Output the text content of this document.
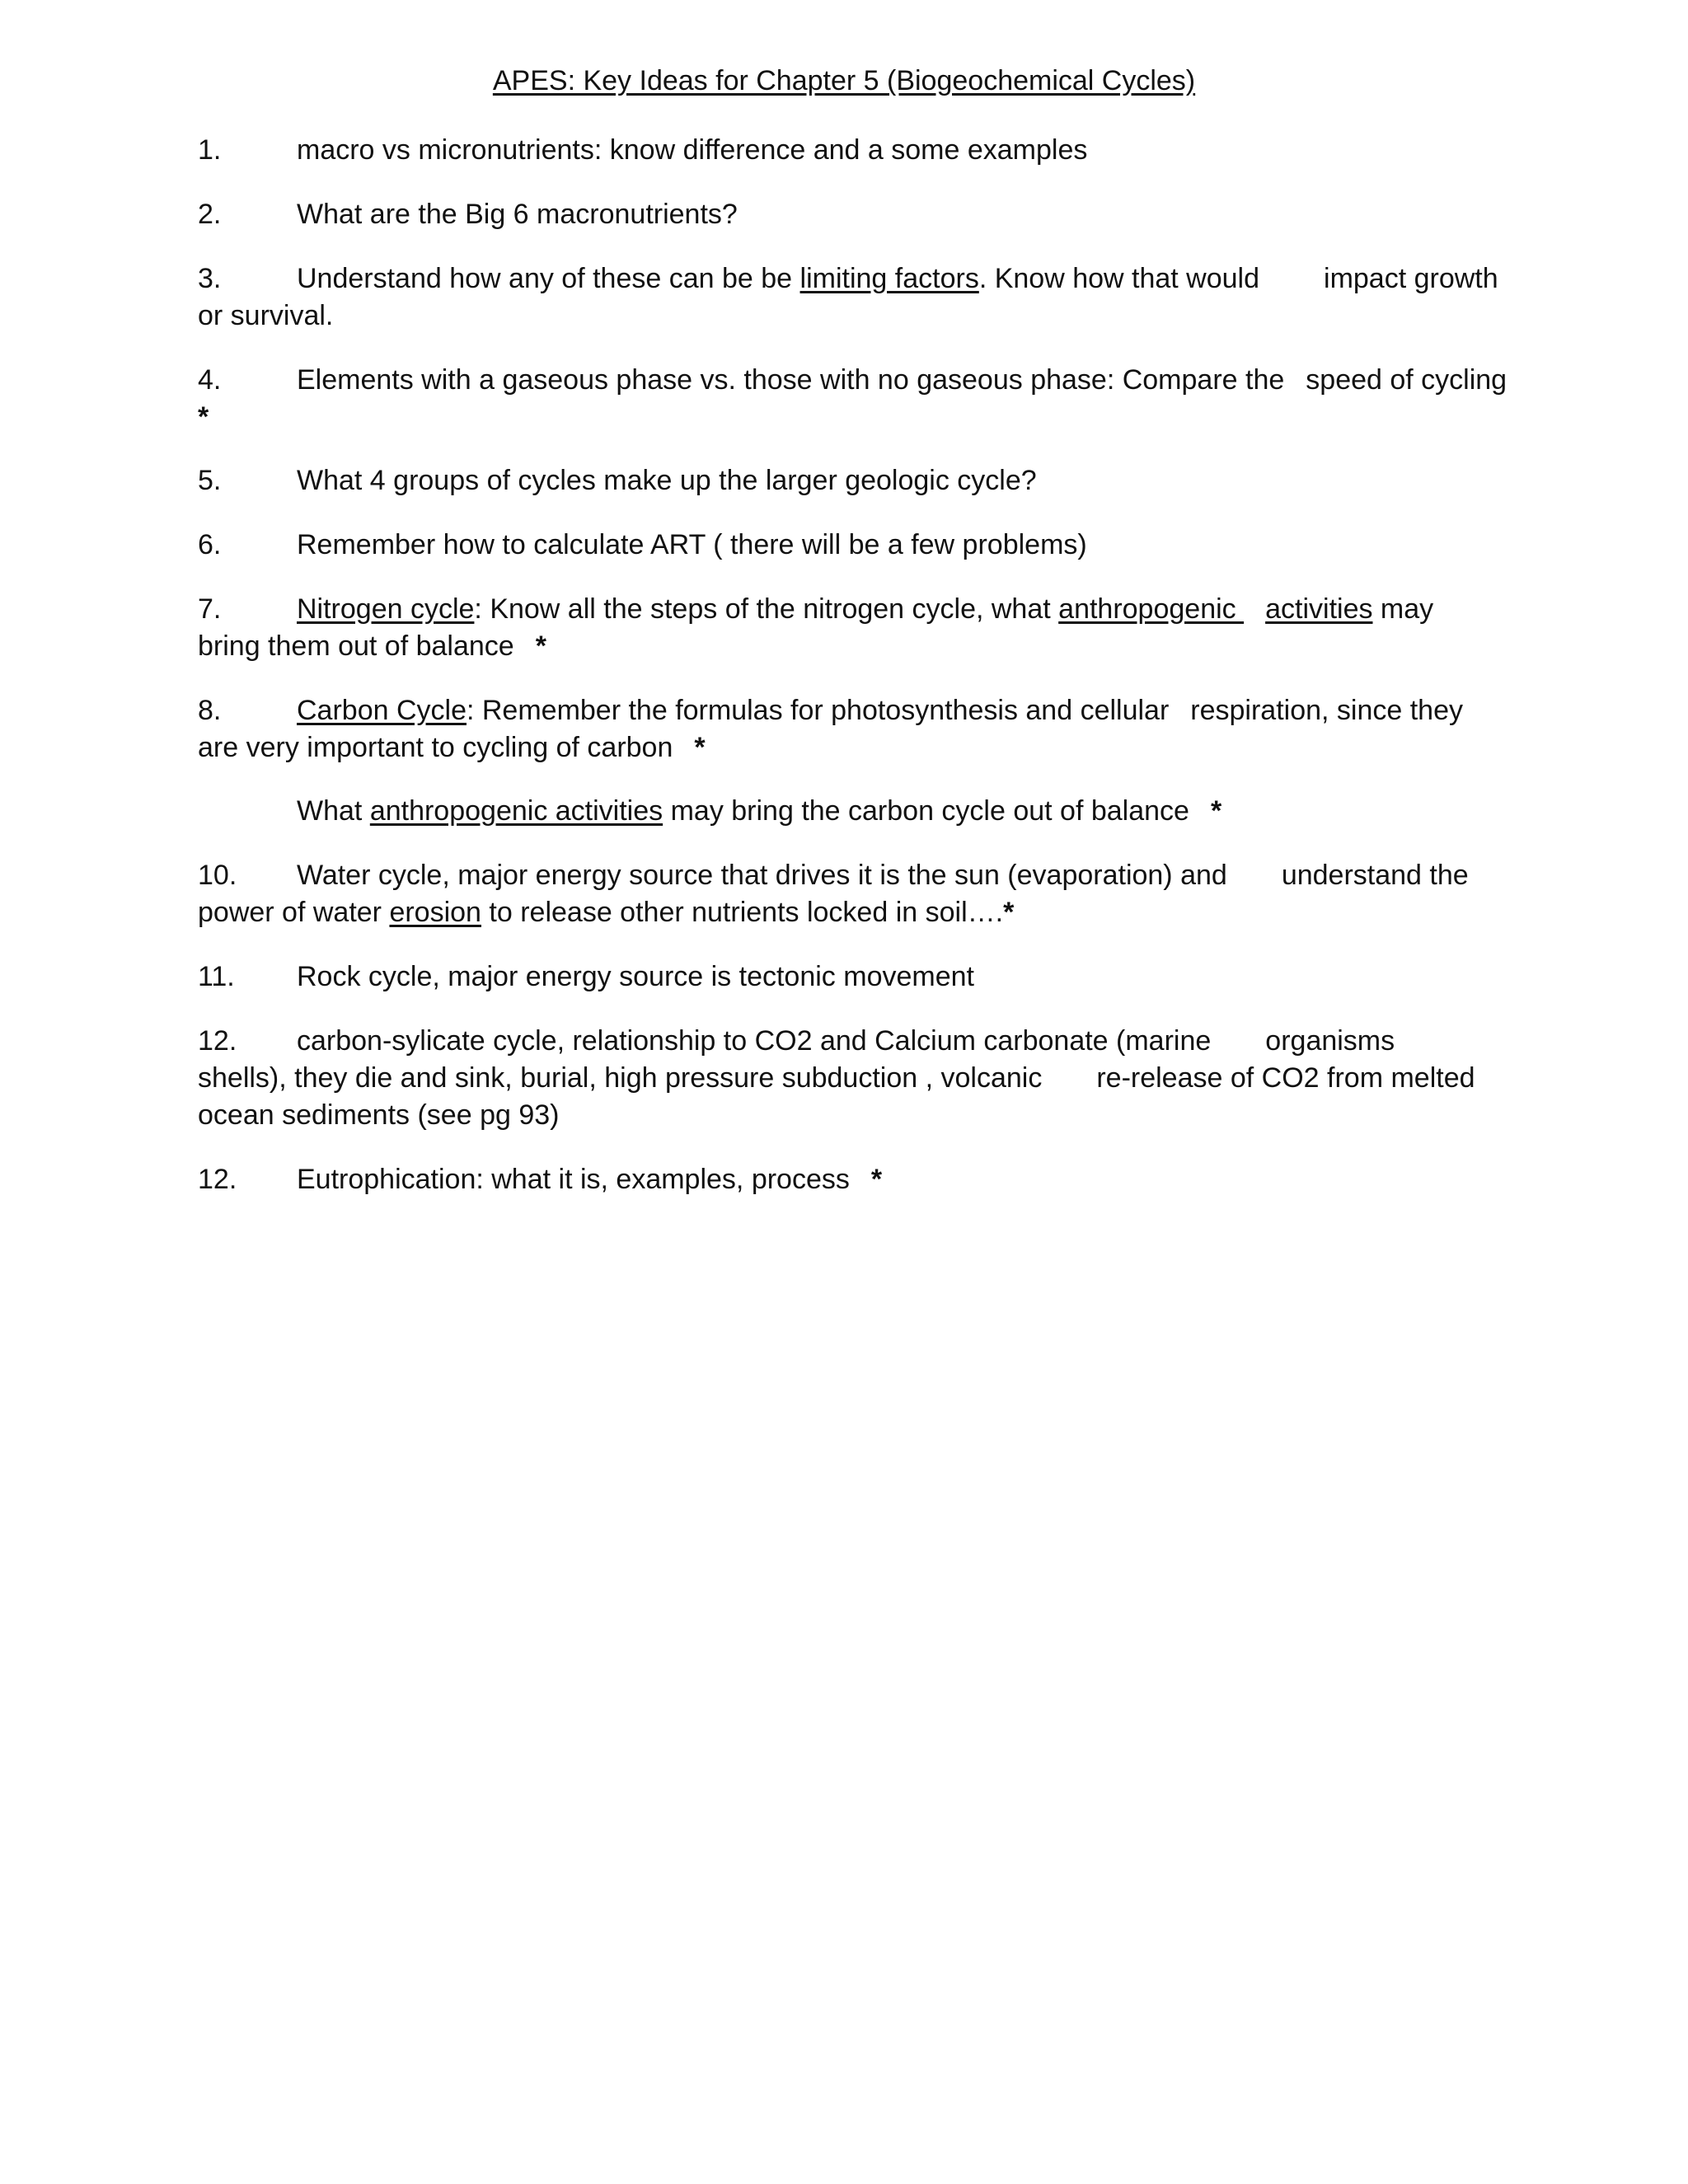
APES: Key Ideas for Chapter 5 (Biogeochemical Cycles)
1.	macro vs micronutrients: know difference and a some examples
2.	What are the Big 6 macronutrients?
3.	Understand how any of these can be be limiting factors. Know how that would impact growth
or survival.
4.	Elements with a gaseous phase vs. those with no gaseous phase: Compare the speed of cycling
*
5.	What 4 groups of cycles make up the larger geologic cycle?
6.	Remember how to calculate ART ( there will be a few problems)
7.	Nitrogen cycle: Know all the steps of the nitrogen cycle, what anthropogenic activities may
bring them out of balance *
8.	Carbon Cycle: Remember the formulas for photosynthesis and cellular respiration, since they
are very important to cycling of carbon *
What anthropogenic activities may bring the carbon cycle out of balance *
10. Water cycle, major energy source that drives it is the sun (evaporation) and understand the
power of water erosion to release other nutrients locked in soil….*
11. Rock cycle, major energy source is tectonic movement
12. carbon-sylicate cycle, relationship to CO2 and Calcium carbonate (marine organisms
shells), they die and sink, burial, high pressure subduction , volcanic re-release of CO2 from melted
ocean sediments (see pg 93)
12. Eutrophication: what it is, examples, process *
